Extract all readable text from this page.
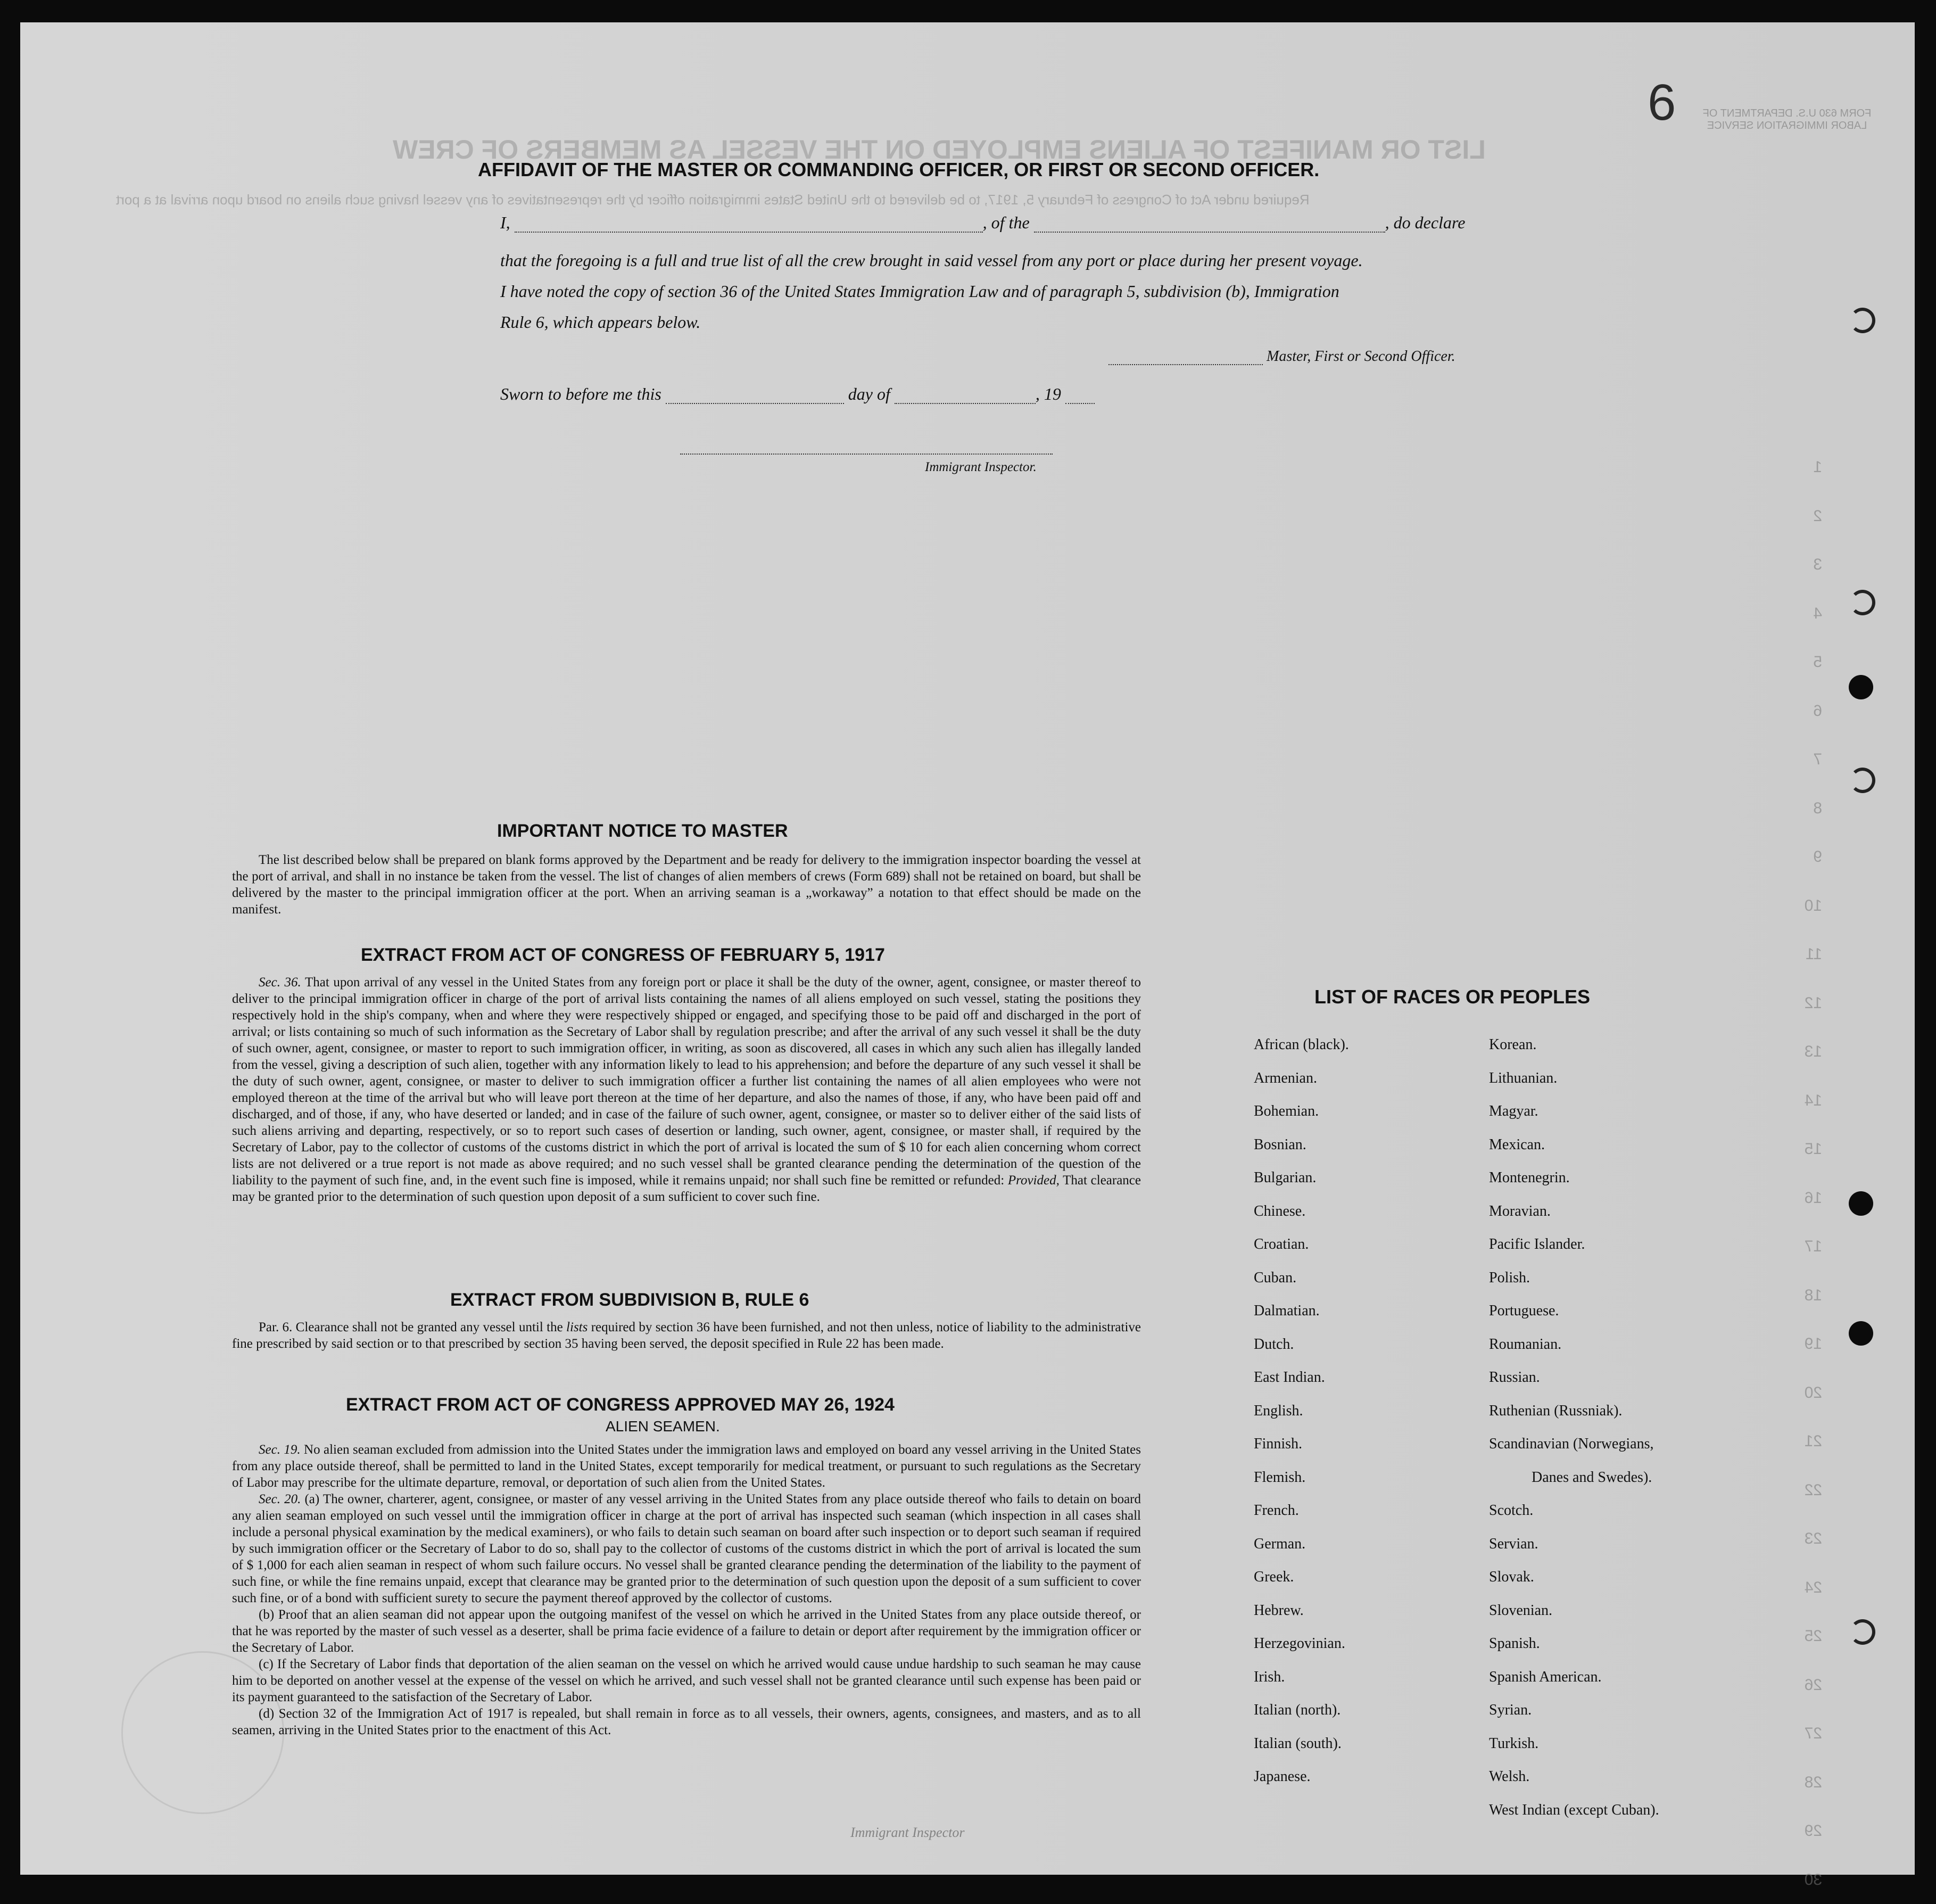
LIST OR MANIFEST OF ALIENS EMPLOYED ON THE VESSEL AS MEMBERS OF CREW
Required under Act of Congress of February 5, 1917, to be delivered to the United States immigration officer by the representatives of any vessel having such aliens on board upon arrival at a port
FORM 630 U.S. DEPARTMENT OF LABOR IMMIGRATION SERVICE
1
2
3
4
5
6
7
8
9
10
11
12
13
14
15
16
17
18
19
20
21
22
23
24
25
26
27
28
29
30
6
AFFIDAVIT OF THE MASTER OR COMMANDING OFFICER, OR FIRST OR SECOND OFFICER.
I,	, of the	, do declare
that the foregoing is a full and true list of all the crew brought in said vessel from any port or place during her present voyage.
I have noted the copy of section 36 of the United States Immigration Law and of paragraph 5, subdivision (b), Immigration
Rule 6, which appears below.
Master, First or Second Officer.
Sworn to before me this	day of	, 19
Immigrant Inspector.
IMPORTANT NOTICE TO MASTER

The list described below shall be prepared on blank forms approved by the Department and be ready for delivery to the immigration inspector boarding the vessel at the port of arrival, and shall in no instance be taken from the vessel. The list of changes of alien members of crews (Form 689) shall not be retained on board, but shall be delivered by the master to the principal immigration officer at the port. When an arriving seaman is a „workaway” a notation to that effect should be made on the manifest.

EXTRACT FROM ACT OF CONGRESS OF FEBRUARY 5, 1917

Sec. 36. That upon arrival of any vessel in the United States from any foreign port or place it shall be the duty of the owner, agent, consignee, or master thereof to deliver to the principal immigration officer in charge of the port of arrival lists containing the names of all aliens employed on such vessel, stating the positions they respectively hold in the ship's company, when and where they were respectively shipped or engaged, and specifying those to be paid off and discharged in the port of arrival; or lists containing so much of such information as the Secretary of Labor shall by regulation prescribe; and after the arrival of any such vessel it shall be the duty of such owner, agent, consignee, or master to report to such immigration officer, in writing, as soon as discovered, all cases in which any such alien has illegally landed from the vessel, giving a description of such alien, together with any information likely to lead to his apprehension; and before the departure of any such vessel it shall be the duty of such owner, agent, consignee, or master to deliver to such immigration officer a further list containing the names of all alien employees who were not employed thereon at the time of the arrival but who will leave port thereon at the time of her departure, and also the names of those, if any, who have been paid off and discharged, and of those, if any, who have deserted or landed; and in case of the failure of such owner, agent, consignee, or master so to deliver either of the said lists of such aliens arriving and departing, respectively, or so to report such cases of desertion or landing, such owner, agent, consignee, or master shall, if required by the Secretary of Labor, pay to the collector of customs of the customs district in which the port of arrival is located the sum of $ 10 for each alien concerning whom correct lists are not delivered or a true report is not made as above required; and no such vessel shall be granted clearance pending the determination of the question of the liability to the payment of such fine, and, in the event such fine is imposed, while it remains unpaid; nor shall such fine be remitted or refunded: Provided, That clearance may be granted prior to the determination of such question upon deposit of a sum sufficient to cover such fine.

EXTRACT FROM SUBDIVISION B, RULE 6

Par. 6. Clearance shall not be granted any vessel until the lists required by section 36 have been furnished, and not then unless, notice of liability to the administrative fine prescribed by said section or to that prescribed by section 35 having been served, the deposit specified in Rule 22 has been made.

EXTRACT FROM ACT OF CONGRESS APPROVED MAY 26, 1924
ALIEN SEAMEN.

Sec. 19. No alien seaman excluded from admission into the United States under the immigration laws and employed on board any vessel arriving in the United States from any place outside thereof, shall be permitted to land in the United States, except temporarily for medical treatment, or pursuant to such regulations as the Secretary of Labor may prescribe for the ultimate departure, removal, or deportation of such alien from the United States.

Sec. 20. (a) The owner, charterer, agent, consignee, or master of any vessel arriving in the United States from any place outside thereof who fails to detain on board any alien seaman employed on such vessel until the immigration officer in charge at the port of arrival has inspected such seaman (which inspection in all cases shall include a personal physical examination by the medical examiners), or who fails to detain such seaman on board after such inspection or to deport such seaman if required by such immigration officer or the Secretary of Labor to do so, shall pay to the collector of customs of the customs district in which the port of arrival is located the sum of $ 1,000 for each alien seaman in respect of whom such failure occurs. No vessel shall be granted clearance pending the determination of the liability to the payment of such fine, or while the fine remains unpaid, except that clearance may be granted prior to the determination of such question upon the deposit of a sum sufficient to cover such fine, or of a bond with sufficient surety to secure the payment thereof approved by the collector of customs.

(b) Proof that an alien seaman did not appear upon the outgoing manifest of the vessel on which he arrived in the United States from any place outside thereof, or that he was reported by the master of such vessel as a deserter, shall be prima facie evidence of a failure to detain or deport after requirement by the immigration officer or the Secretary of Labor.

(c) If the Secretary of Labor finds that deportation of the alien seaman on the vessel on which he arrived would cause undue hardship to such seaman he may cause him to be deported on another vessel at the expense of the vessel on which he arrived, and such vessel shall not be granted clearance until such expense has been paid or its payment guaranteed to the satisfaction of the Secretary of Labor.

(d) Section 32 of the Immigration Act of 1917 is repealed, but shall remain in force as to all vessels, their owners, agents, consignees, and masters, and as to all seamen, arriving in the United States prior to the enactment of this Act.

LIST OF RACES OR PEOPLES
African (black).
Armenian.
Bohemian.
Bosnian.
Bulgarian.
Chinese.
Croatian.
Cuban.
Dalmatian.
Dutch.
East Indian.
English.
Finnish.
Flemish.
French.
German.
Greek.
Hebrew.
Herzegovinian.
Irish.
Italian (north).
Italian (south).
Japanese.
Korean.
Lithuanian.
Magyar.
Mexican.
Montenegrin.
Moravian.
Pacific Islander.
Polish.
Portuguese.
Roumanian.
Russian.
Ruthenian (Russniak).
Scandinavian (Norwegians,
Danes and Swedes).
Scotch.
Servian.
Slovak.
Slovenian.
Spanish.
Spanish American.
Syrian.
Turkish.
Welsh.
West Indian (except Cuban).
Immigrant Inspector
